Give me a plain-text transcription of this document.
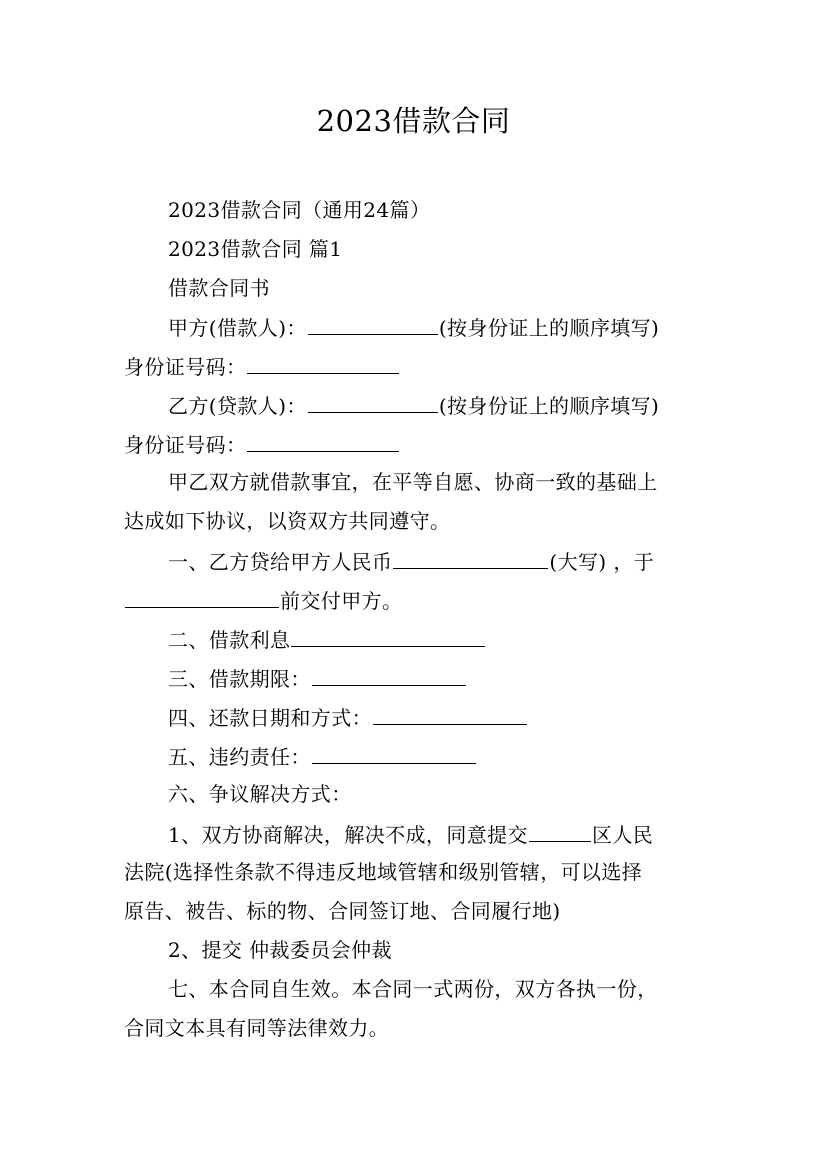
2023借款合同
2023借款合同（通用24篇）
2023借款合同 篇1
借款合同书
甲方(借款人)：	(按身份证上的顺序填写)
身份证号码：
乙方(贷款人)：	(按身份证上的顺序填写)
身份证号码：
甲乙双方就借款事宜，在平等自愿、协商一致的基础上
达成如下协议，以资双方共同遵守。
一、乙方贷给甲方人民币	(大写) ，于
前交付甲方。
二、借款利息
三、借款期限：
四、还款日期和方式：
五、违约责任：
六、争议解决方式：
1、双方协商解决，解决不成，同意提交	区人民
法院(选择性条款不得违反地域管辖和级别管辖，可以选择
原告、被告、标的物、合同签订地、合同履行地)
2、提交 仲裁委员会仲裁
七、本合同自生效。本合同一式两份，双方各执一份，
合同文本具有同等法律效力。
